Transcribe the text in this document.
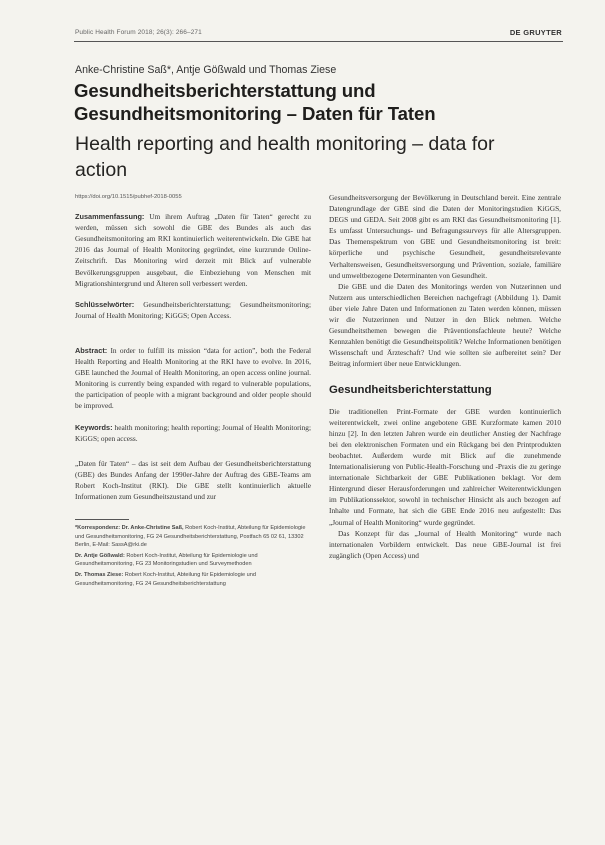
Public Health Forum 2018; 26(3): 266–271	DE GRUYTER
Anke-Christine Saß*, Antje Gößwald und Thomas Ziese
Gesundheitsberichterstattung und Gesundheitsmonitoring – Daten für Taten
Health reporting and health monitoring – data for action

https://doi.org/10.1515/pubhef-2018-0055

Zusammenfassung: Um ihrem Auftrag „Daten für Taten“ gerecht zu werden, müssen sich sowohl die GBE des Bundes als auch das Gesundheitsmonitoring am RKI kontinuierlich weiterentwickeln. Die GBE hat 2016 das Journal of Health Monitoring gegründet, eine kurzrunde Online-Zeitschrift. Das Monitoring wird derzeit mit Blick auf vulnerable Bevölkerungsgruppen ausgebaut, die Einbeziehung von Menschen mit Migrationshintergrund und Älteren soll verbessert werden.

Schlüsselwörter: Gesundheitsberichterstattung; Gesundheitsmonitoring; Journal of Health Monitoring; KiGGS; Open Access.

Abstract: In order to fulfill its mission “data for action”, both the Federal Health Reporting and Health Monitoring at the RKI have to evolve. In 2016, GBE launched the Journal of Health Monitoring, an open access online journal. Monitoring is currently being expanded with regard to vulnerable populations, the participation of people with a migrant background and older people should be improved.

Keywords: health monitoring; health reporting; Journal of Health Monitoring; KiGGS; open access.

„Daten für Taten“ – das ist seit dem Aufbau der Gesundheitsberichterstattung (GBE) des Bundes Anfang der 1990er-Jahre der Auftrag des GBE-Teams am Robert Koch-Institut (RKI). Die GBE stellt kontinuierlich aktuelle Informationen zum Gesundheitszustand und zur

*Korrespondenz: Dr. Anke-Christine Saß, Robert Koch-Institut, Abteilung für Epidemiologie und Gesundheitsmonitoring, FG 24 Gesundheitsberichterstattung, Postfach 65 02 61, 13302 Berlin, E-Mail: SassA@rki.de

Dr. Antje Gößwald: Robert Koch-Institut, Abteilung für Epidemiologie und Gesundheitsmonitoring, FG 23 Monitoringstudien und Surveymethoden

Dr. Thomas Ziese: Robert Koch-Institut, Abteilung für Epidemiologie und Gesundheitsmonitoring, FG 24 Gesundheitsberichterstattung

Gesundheitsversorgung der Bevölkerung in Deutschland bereit. Eine zentrale Datengrundlage der GBE sind die Daten der Monitoringstudien KiGGS, DEGS und GEDA. Seit 2008 gibt es am RKI das Gesundheitsmonitoring [1]. Es umfasst Untersuchungs- und Befragungssurveys für alle Altersgruppen. Das Themenspektrum von GBE und Gesundheitsmonitoring ist breit: körperliche und psychische Gesundheit, gesundheitsrelevante Verhaltensweisen, Gesundheitsversorgung und Prävention, soziale, familiäre und umweltbezogene Determinanten von Gesundheit.

Die GBE und die Daten des Monitorings werden von Nutzerinnen und Nutzern aus unterschiedlichen Bereichen nachgefragt (Abbildung 1). Damit über viele Jahre Daten und Informationen zu Taten werden können, müssen wir die Nutzerinnen und Nutzer in den Blick nehmen. Welche Gesundheitsthemen bewegen die Präventionsfachleute heute? Welche Kennzahlen benötigt die Gesundheitspolitik? Welche Informationen benötigen Wissenschaft und Ärzteschaft? Und wie sollten sie aufbereitet sein? Der Beitrag informiert über neue Entwicklungen.

Gesundheitsberichterstattung

Die traditionellen Print-Formate der GBE wurden kontinuierlich weiterentwickelt, zwei online angebotene GBE Kurzformate kamen 2010 hinzu [2]. In den letzten Jahren wurde ein deutlicher Anstieg der Nachfrage bei den elektronischen Formaten und ein Rückgang bei den Printprodukten beobachtet. Außerdem wurde mit Blick auf die zunehmende Internationalisierung von Public-Health-Forschung und -Praxis die zu geringe internationale Sichtbarkeit der GBE Publikationen beklagt. Vor dem Hintergrund dieser Herausforderungen und zahlreicher Weiterentwicklungen im Publikationssektor, sowohl in technischer Hinsicht als auch bezogen auf Inhalte und Formate, hat sich die GBE Ende 2016 neu aufgestellt: Das „Journal of Health Monitoring“ wurde gegründet.

Das Konzept für das „Journal of Health Monitoring“ wurde nach internationalen Vorbildern entwickelt. Das neue GBE-Journal ist frei zugänglich (Open Access) und
